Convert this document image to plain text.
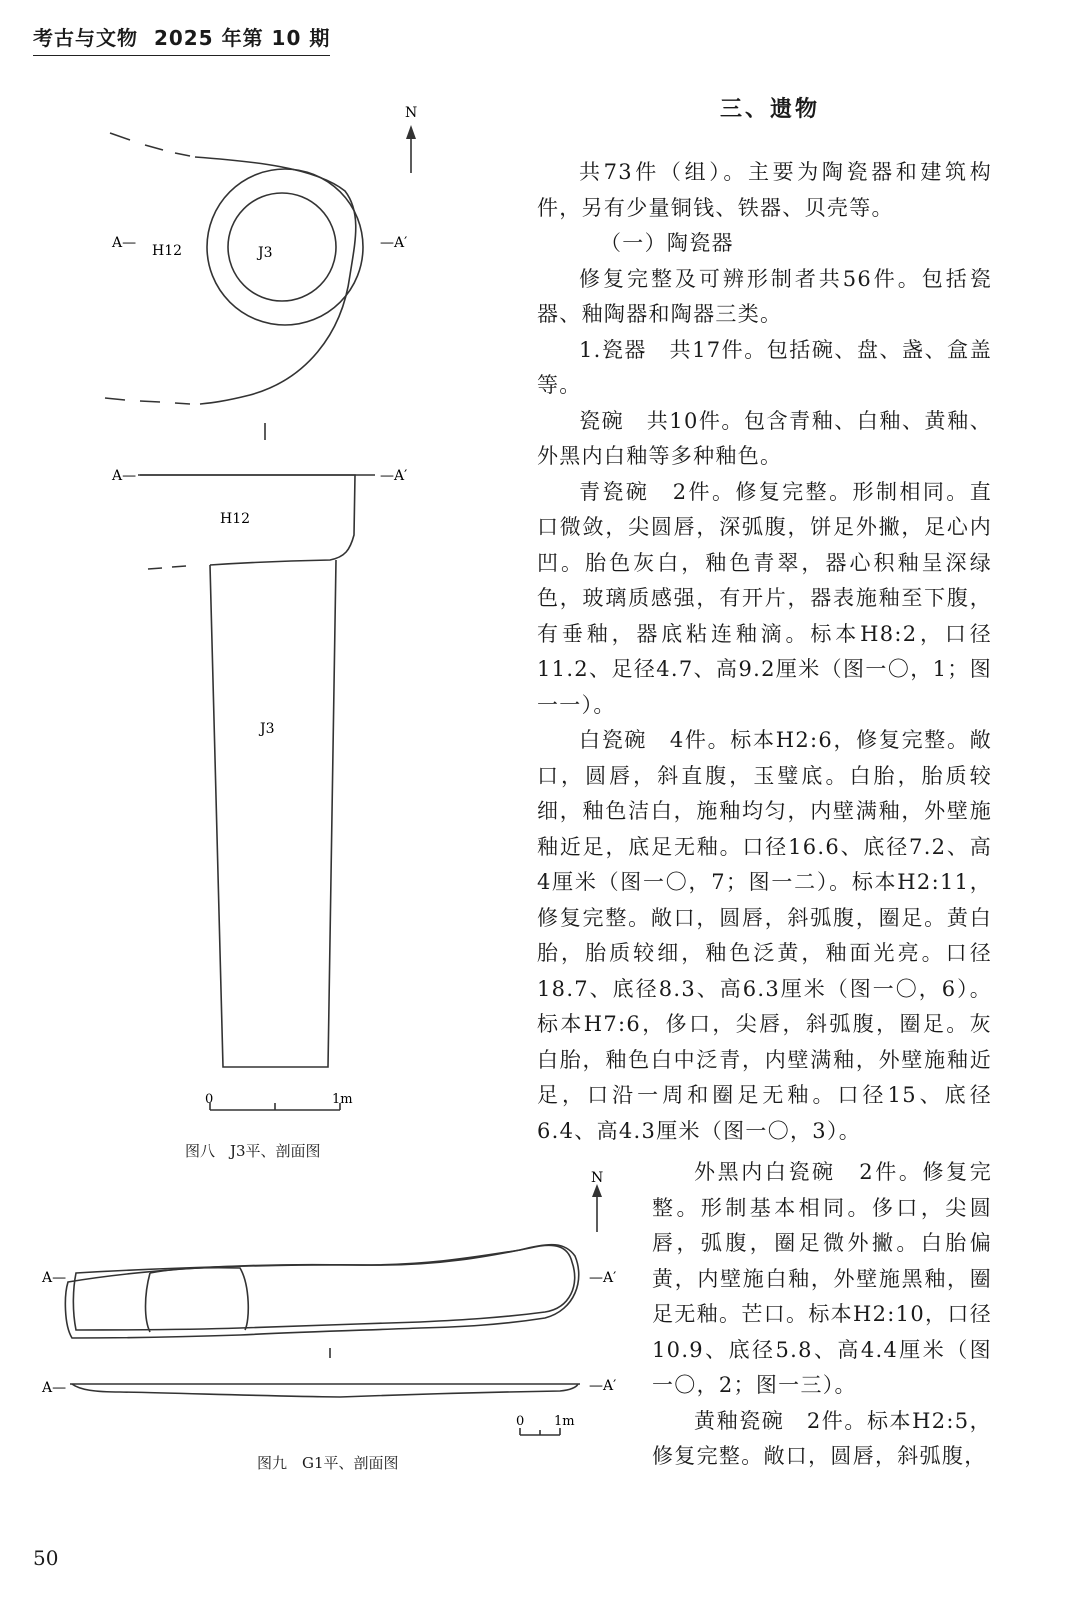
考古与文物 2025 年第 10 期
N
A—	—A′
H12	J3
A—	—A′
H12
J3
0	1m
图八　J3平、剖面图
N
A—	—A′
A—	—A′
0 1m
图九　G1平、剖面图
三、遗物

共73件（组）。主要为陶瓷器和建筑构件，另有少量铜钱、铁器、贝壳等。

（一）陶瓷器

修复完整及可辨形制者共56件。包括瓷器、釉陶器和陶器三类。

1.瓷器　共17件。包括碗、盘、盏、盒盖等。

瓷碗　共10件。包含青釉、白釉、黄釉、外黑内白釉等多种釉色。

青瓷碗　2件。修复完整。形制相同。直口微敛，尖圆唇，深弧腹，饼足外撇，足心内凹。胎色灰白，釉色青翠，器心积釉呈深绿色，玻璃质感强，有开片，器表施釉至下腹，有垂釉，器底粘连釉滴。标本H8:2，口径11.2、足径4.7、高9.2厘米（图一〇，1；图一一）。

白瓷碗　4件。标本H2:6，修复完整。敞口，圆唇，斜直腹，玉璧底。白胎，胎质较细，釉色洁白，施釉均匀，内壁满釉，外壁施釉近足，底足无釉。口径16.6、底径7.2、高4厘米（图一〇，7；图一二）。标本H2:11，修复完整。敞口，圆唇，斜弧腹，圈足。黄白胎，胎质较细，釉色泛黄，釉面光亮。口径18.7、底径8.3、高6.3厘米（图一〇，6）。标本H7:6，侈口，尖唇，斜弧腹，圈足。灰白胎，釉色白中泛青，内壁满釉，外壁施釉近足，口沿一周和圈足无釉。口径15、底径6.4、高4.3厘米（图一〇，3）。

外黑内白瓷碗　2件。修复完整。形制基本相同。侈口，尖圆唇，弧腹，圈足微外撇。白胎偏黄，内壁施白釉，外壁施黑釉，圈足无釉。芒口。标本H2:10，口径10.9、底径5.8、高4.4厘米（图一〇，2；图一三）。

黄釉瓷碗　2件。标本H2:5，修复完整。敞口，圆唇，斜弧腹，

50
